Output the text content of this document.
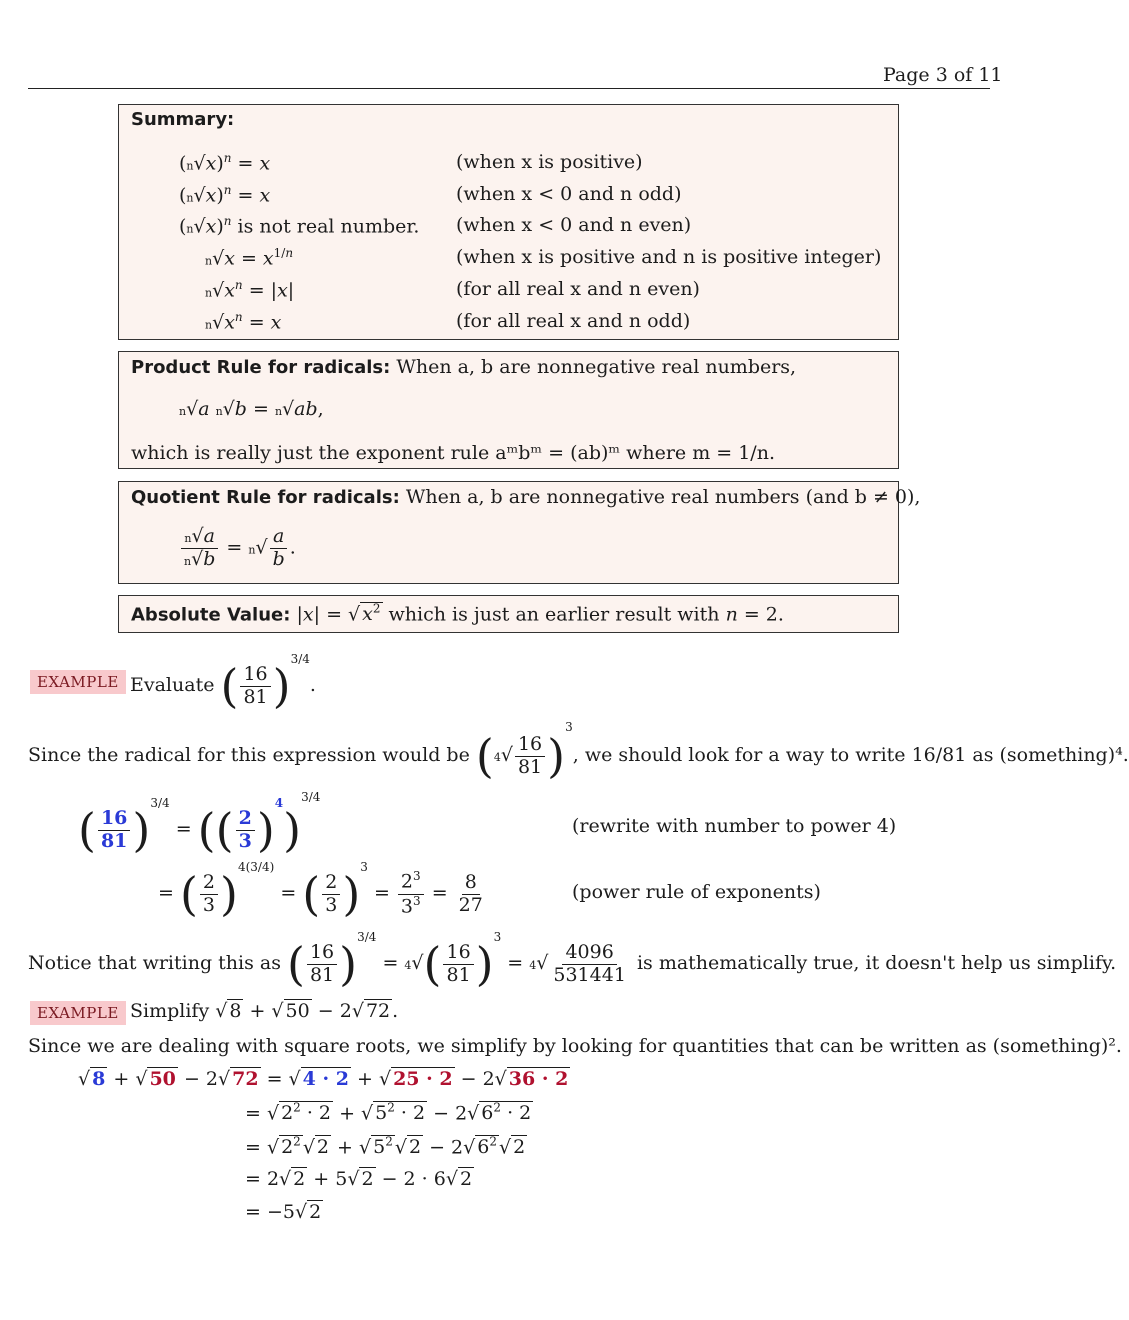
Page 3 of 11
Summary:
$(n√x)^n = x$	(when x is positive)
$(n√x)^n = x$	(when x < 0 and n odd)
$(n√x)^n$ is not real number. (when x < 0 and n even)
$n√x = x^{1/n}$	(when x is positive and n is positive integer)
$n√x^n = |x|$	(for all real x and n even)
$n√x^n = x$	(for all real x and n odd)
Product Rule for radicals: When a, b are nonnegative real numbers,
n√a n√b = n√ab,
which is really just the exponent rule aᵐbᵐ = (ab)ᵐ where m = 1/n.
Quotient Rule for radicals: When a, b are nonnegative real numbers (and b ≠ 0),
$\frac{n√a}{n√b} = n√ \frac{a}{b}$ .
Absolute Value: |x| = √ $x^2$ which is just an earlier result with n = 2.
EXAMPLE Evaluate ( $\frac{16}{81} )^{3/4}$.
Since the radical for this expression would be $(4√ \frac{16}{81} )^3$, we should look for a way to write 16/81 as (something)⁴.
( $\frac{16}{81} )^{3/4}$ = (( $\frac{2}{3} )^4)^{3/4}$
(rewrite with number to power 4)
= ( $\frac{2}{3} )^{4(3/4)}$ = ( $\frac{2}{3} )^3 = \frac{2^3}{3^3} = \frac{8}{27}$	(power rule of exponents)
Notice that writing this as ( $\frac{16}{81} )^{3/4} = 4√( \frac{16}{81} )^3 = 4√ \frac{4096}{531441}$ is mathematically true, it doesn't help us simplify.
EXAMPLE Simplify √ 8 + √ 50 − 2√ 72 .
Since we are dealing with square roots, we simplify by looking for quantities that can be written as (something)².
√ 8 + √ 50 − 2√ 72 = √ 4 · 2 + √ 25 · 2 − 2√ 36 · 2
= √ $2^2 \cdot 2$ + √ $5^2 \cdot 2 - 2√$ $6^2 \cdot 2$
= √ $2^2$ √ 2 + √ $5^2$ √ 2 − 2√ $6^2$ √ 2
= 2√ 2 + 5√ 2 − 2 · 6√ 2
= −5√ 2
